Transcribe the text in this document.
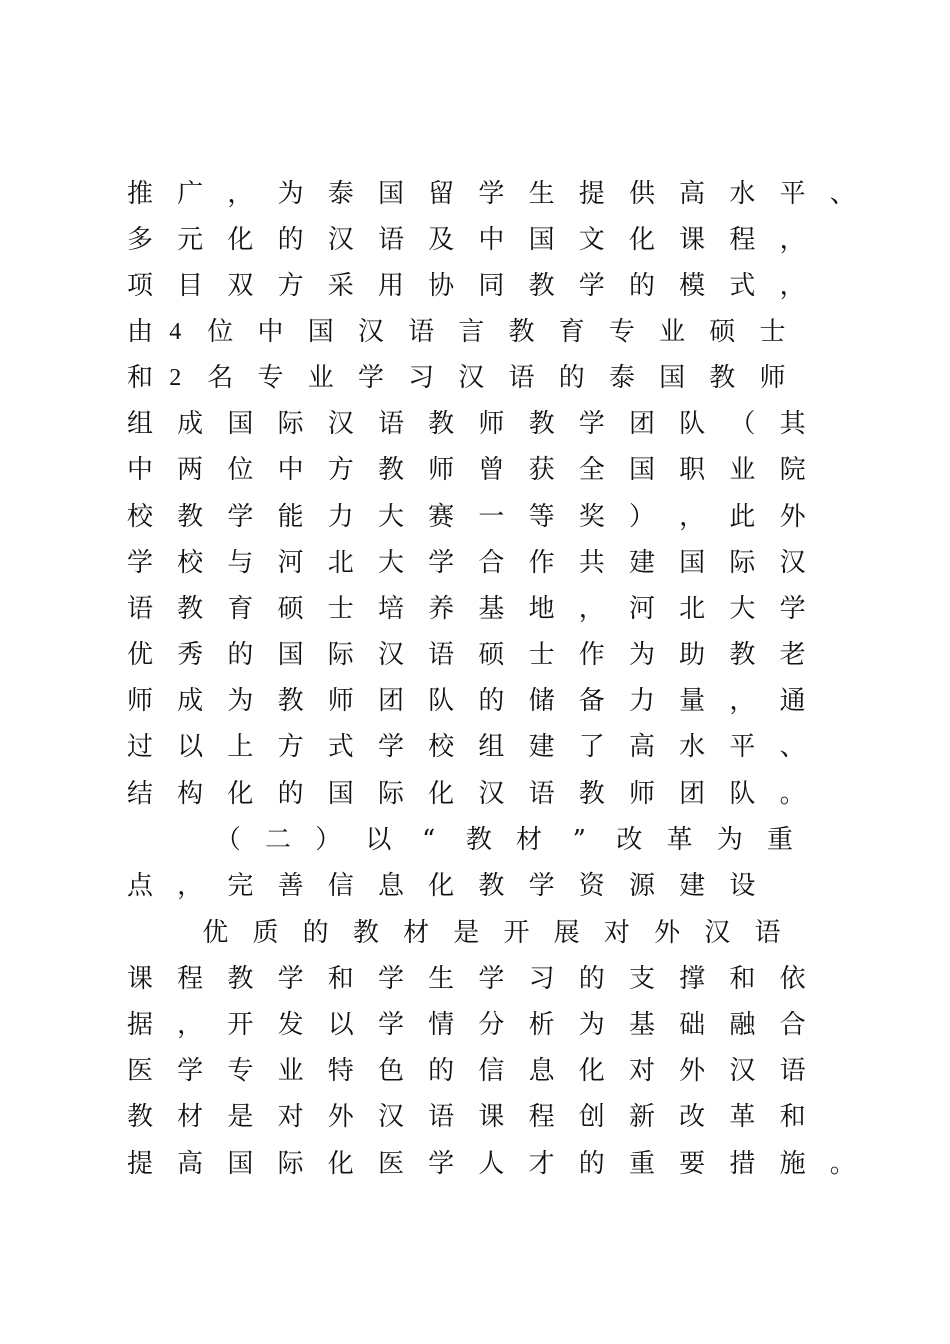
推 广 ， 为 泰 国 留 学 生 提 供 高 水 平 、
多 元 化 的 汉 语 及 中 国 文 化 课 程 ，
项 目 双 方 采 用 协 同 教 学 的 模 式 ，
由 4	位 中 国 汉 语 言 教 育 专 业 硕 士
和 2	名 专 业 学 习 汉 语 的 泰 国 教 师
组 成 国 际 汉 语 教 师 教 学 团 队 （ 其
中 两 位 中 方 教 师 曾 获 全 国 职 业 院
校 教 学 能 力 大 赛 一 等 奖 ） ， 此 外
学 校 与 河 北 大 学 合 作 共 建 国 际 汉
语 教 育 硕 士 培 养 基 地 ， 河 北 大 学
优 秀 的 国 际 汉 语 硕 士 作 为 助 教 老
师 成 为 教 师 团 队 的 储 备 力 量 ， 通
过 以 上 方 式 学 校 组 建 了 高 水 平 、
结 构 化 的 国 际 化 汉 语 教 师 团 队 。
（ 二 ） 以	“	教 材	”	改 革 为 重
点 ， 完 善 信 息 化 教 学 资 源 建 设
优 质 的 教 材 是 开 展 对 外 汉 语
课 程 教 学 和 学 生 学 习 的 支 撑 和 依
据 ， 开 发 以 学 情 分 析 为 基 础 融 合
医 学 专 业 特 色 的 信 息 化 对 外 汉 语
教 材 是 对 外 汉 语 课 程 创 新 改 革 和
提 高 国 际 化 医 学 人 才 的 重 要 措 施 。
